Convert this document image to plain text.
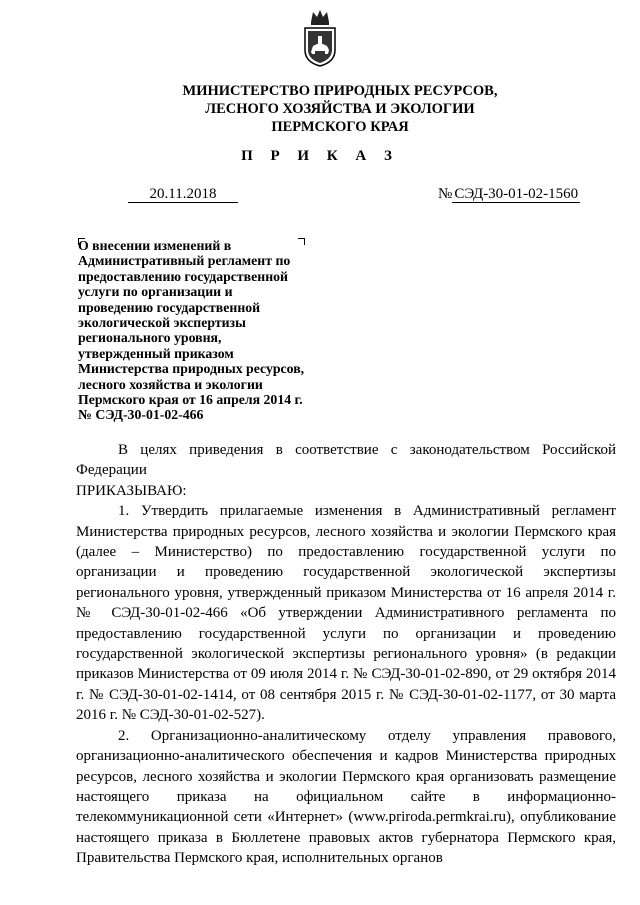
МИНИСТЕРСТВО ПРИРОДНЫХ РЕСУРСОВ,
ЛЕСНОГО ХОЗЯЙСТВА И ЭКОЛОГИИ
ПЕРМСКОГО КРАЯ
П Р И К А З
20.11.2018	№ СЭД-30-01-02-1560
О внесении изменений в Административный регламент по предоставлению государственной услуги по организации и проведению государственной экологической экспертизы регионального уровня, утвержденный приказом Министерства природных ресурсов, лесного хозяйства и экологии Пермского края от 16 апреля 2014 г. № СЭД-30-01-02-466

В целях приведения в соответствие с законодательством Российской Федерации

ПРИКАЗЫВАЮ:

1. Утвердить прилагаемые изменения в Административный регламент Министерства природных ресурсов, лесного хозяйства и экологии Пермского края (далее – Министерство) по предоставлению государственной услуги по организации и проведению государственной экологической экспертизы регионального уровня, утвержденный приказом Министерства от 16 апреля 2014 г. № СЭД-30-01-02-466 «Об утверждении Административного регламента по предоставлению государственной услуги по организации и проведению государственной экологической экспертизы регионального уровня» (в редакции приказов Министерства от 09 июля 2014 г. № СЭД-30-01-02-890, от 29 октября 2014 г. № СЭД-30-01-02-1414, от 08 сентября 2015 г. № СЭД-30-01-02-1177, от 30 марта 2016 г. № СЭД-30-01-02-527).

2. Организационно-аналитическому отделу управления правового, организационно-аналитического обеспечения и кадров Министерства природных ресурсов, лесного хозяйства и экологии Пермского края организовать размещение настоящего приказа на официальном сайте в информационно-телекоммуникационной сети «Интернет» (www.priroda.permkrai.ru), опубликование настоящего приказа в Бюллетене правовых актов губернатора Пермского края, Правительства Пермского края, исполнительных органов
